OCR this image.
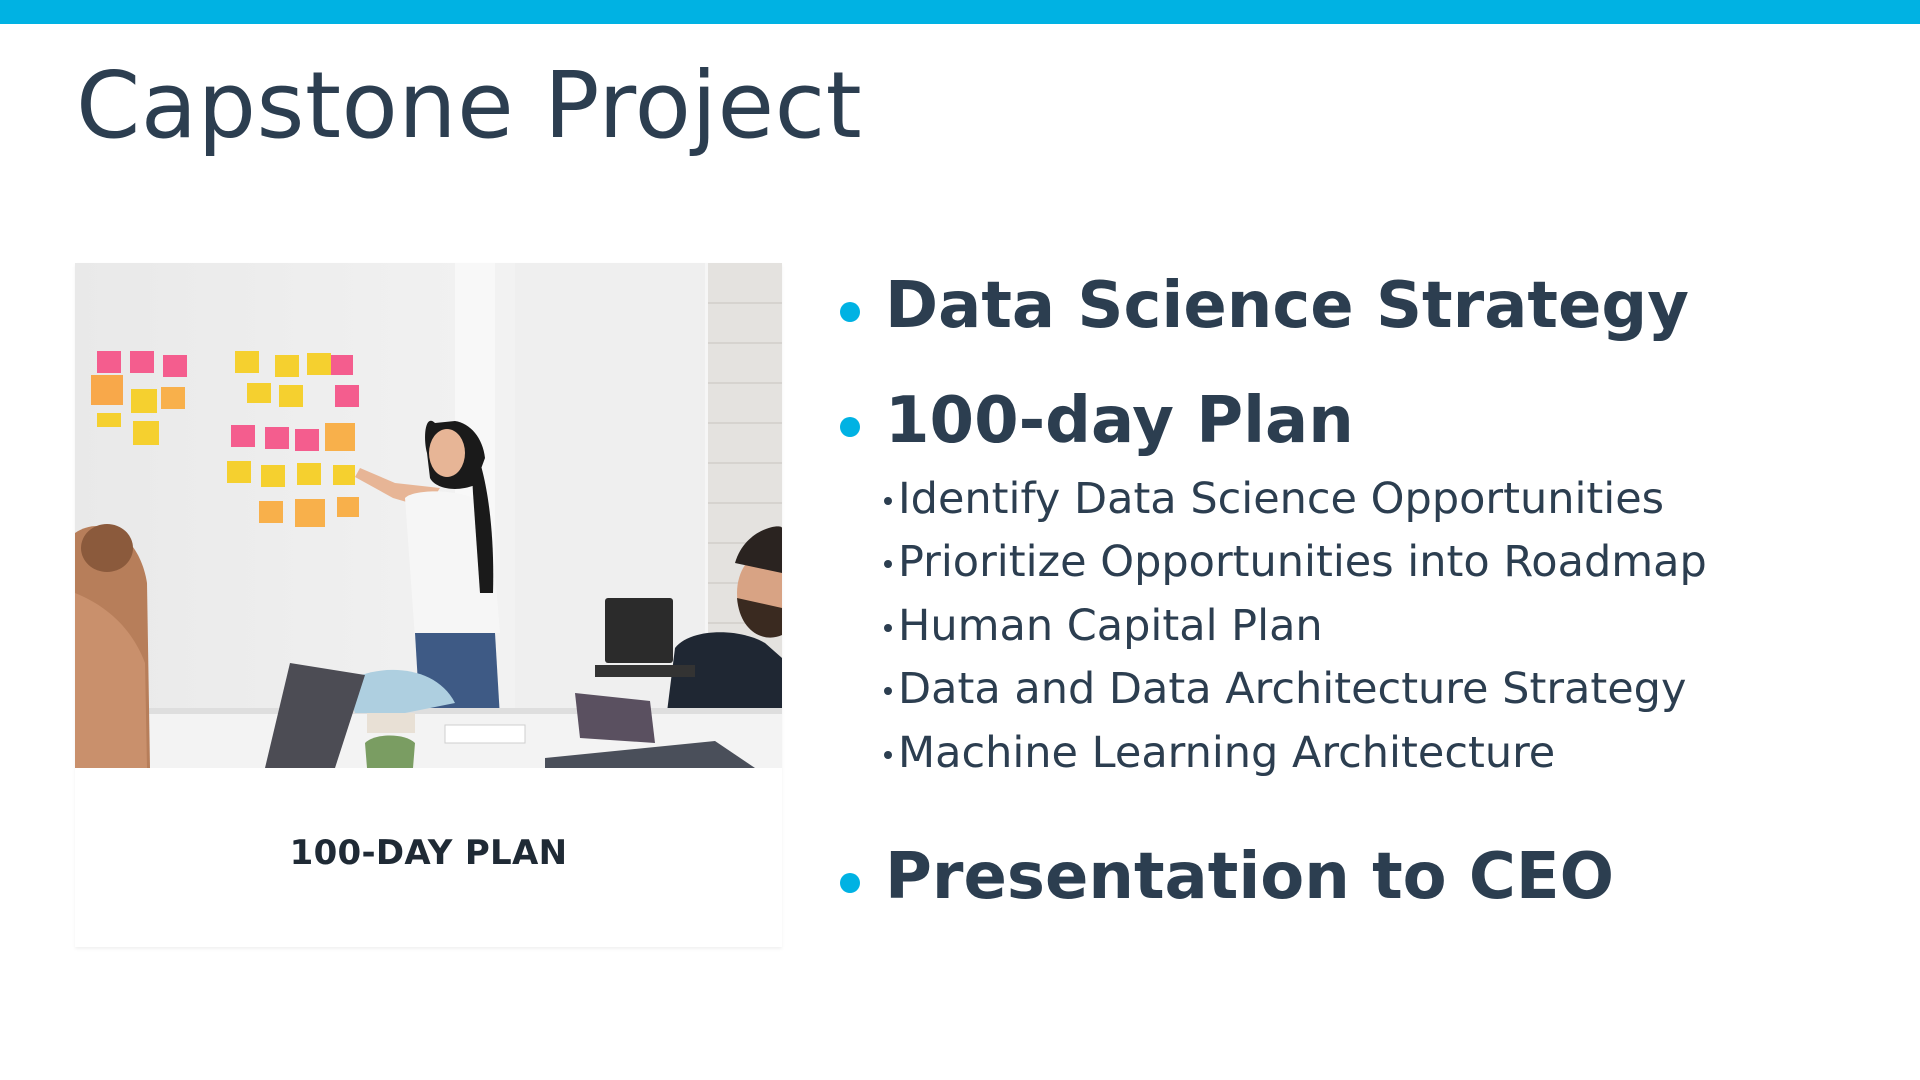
Capstone Project
100-DAY PLAN
Data Science Strategy
100-day Plan
Identify Data Science Opportunities
Prioritize Opportunities into Roadmap
Human Capital Plan
Data and Data Architecture Strategy
Machine Learning Architecture
Presentation to CEO
